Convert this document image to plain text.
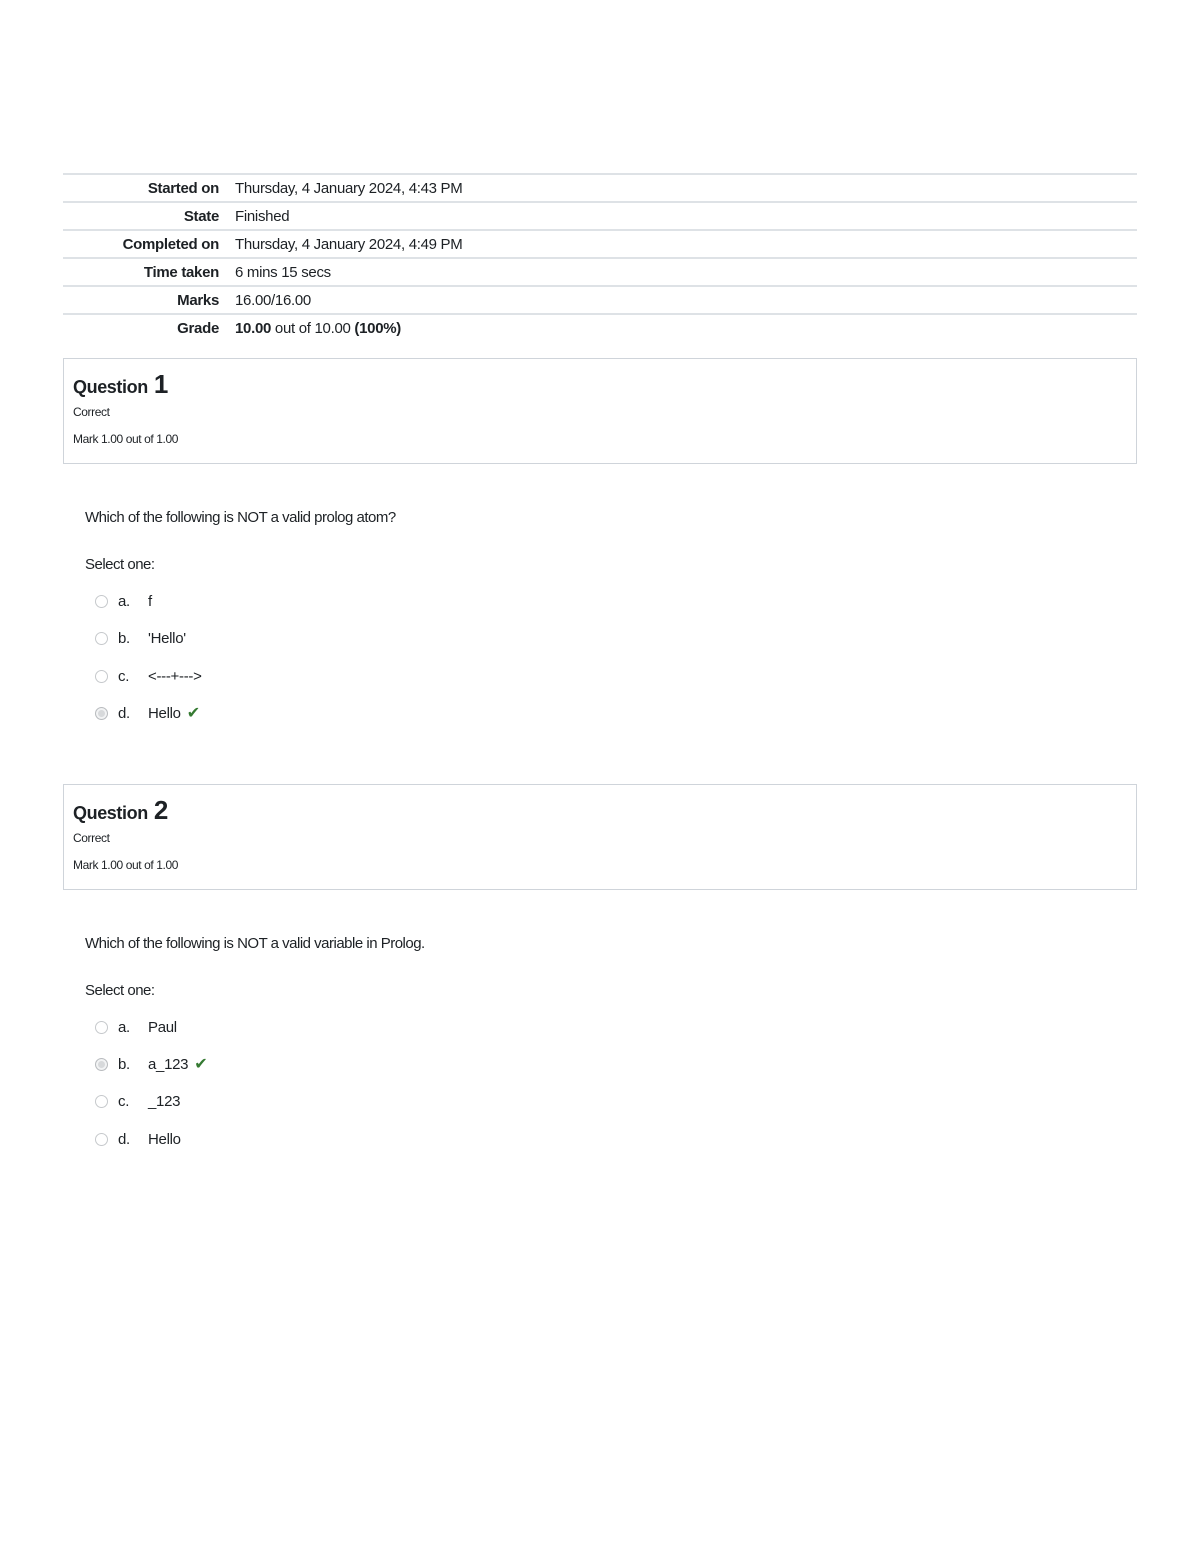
Started on	Thursday, 4 January 2024, 4:43 PM
State	Finished
Completed on	Thursday, 4 January 2024, 4:49 PM
Time taken	6 mins 15 secs
Marks	16.00/16.00
Grade	10.00 out of 10.00 (100%)
Question 1
Correct
Mark 1.00 out of 1.00
Which of the following is NOT a valid prolog atom?
Select one:
a.	f
b.	'Hello'
c.	<---+--->
d.	Hello ✔
Question 2
Correct
Mark 1.00 out of 1.00
Which of the following is NOT a valid variable in Prolog.
Select one:
a.	Paul
b.	a_123 ✔
c.	_123
d.	Hello
